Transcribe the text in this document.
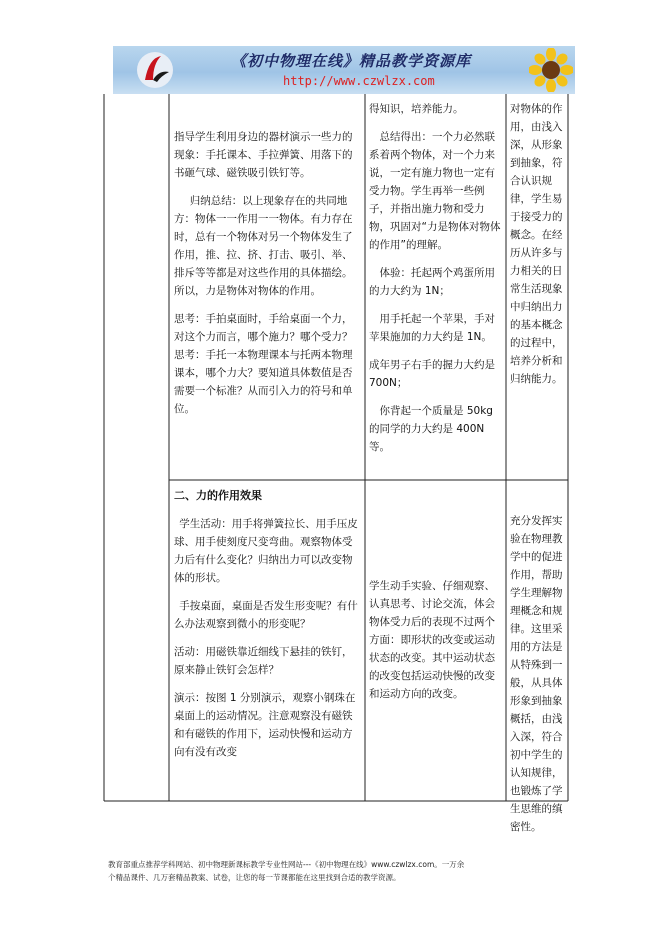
《初中物理在线》精品教学资源库
http://www.czwlzx.com
指导学生利用身边的器材演示一些力的现象：手托课本、手拉弹簧、用落下的书砸气球、磁铁吸引铁钉等。
归纳总结：以上现象存在的共同地方：物体一一作用一一物体。有力存在时，总有一个物体对另一个物体发生了作用，推、拉、挤、打击、吸引、举、排斥等等都是对这些作用的具体描绘。所以，力是物体对物体的作用。
思考：手拍桌面时，手给桌面一个力，对这个力而言，哪个施力？哪个受力？思考：手托一本物理课本与托两本物理课本，哪个力大？要知道具体数值是否需要一个标准？从而引入力的符号和单位。
得知识，培养能力。
总结得出：一个力必然联系着两个物体，对一个力来说，一定有施力物也一定有受力物。学生再举一些例子，并指出施力物和受力物，巩固对“力是物体对物体的作用”的理解。
体验：托起两个鸡蛋所用的力大约为 1N；
用手托起一个苹果，手对苹果施加的力大约是 1N。
成年男子右手的握力大约是 700N；
你背起一个质量是 50kg 的同学的力大约是 400N等。
对物体的作用，由浅入深，从形象到抽象，符合认识规律，学生易于接受力的概念。在经历从许多与力相关的日常生活现象中归纳出力的基本概念的过程中，培养分析和归纳能力。
二、力的作用效果
学生活动：用手将弹簧拉长、用手压皮球、用手使刻度尺变弯曲。观察物体受力后有什么变化？归纳出力可以改变物体的形状。
手按桌面，桌面是否发生形变呢？有什么办法观察到微小的形变呢？
活动：用磁铁靠近细线下悬挂的铁钉，原来静止铁钉会怎样？
演示：按图 1 分别演示，观察小钢珠在桌面上的运动情况。注意观察没有磁铁和有磁铁的作用下，运动快慢和运动方向有没有改变
学生动手实验、仔细观察、认真思考、讨论交流，体会物体受力后的表现不过两个方面：即形状的改变或运动状态的改变。其中运动状态的改变包括运动快慢的改变和运动方向的改变。
充分发挥实验在物理教学中的促进作用，帮助学生理解物理概念和规律。这里采用的方法是从特殊到一般，从具体形象到抽象概括，由浅入深，符合初中学生的认知规律，也锻炼了学生思维的缜密性。
教育部重点推荐学科网站、初中物理新课标教学专业性网站---《初中物理在线》www.czwlzx.com。一万余
个精品课件、几万套精品教案、试卷，让您的每一节课都能在这里找到合适的教学资源。
